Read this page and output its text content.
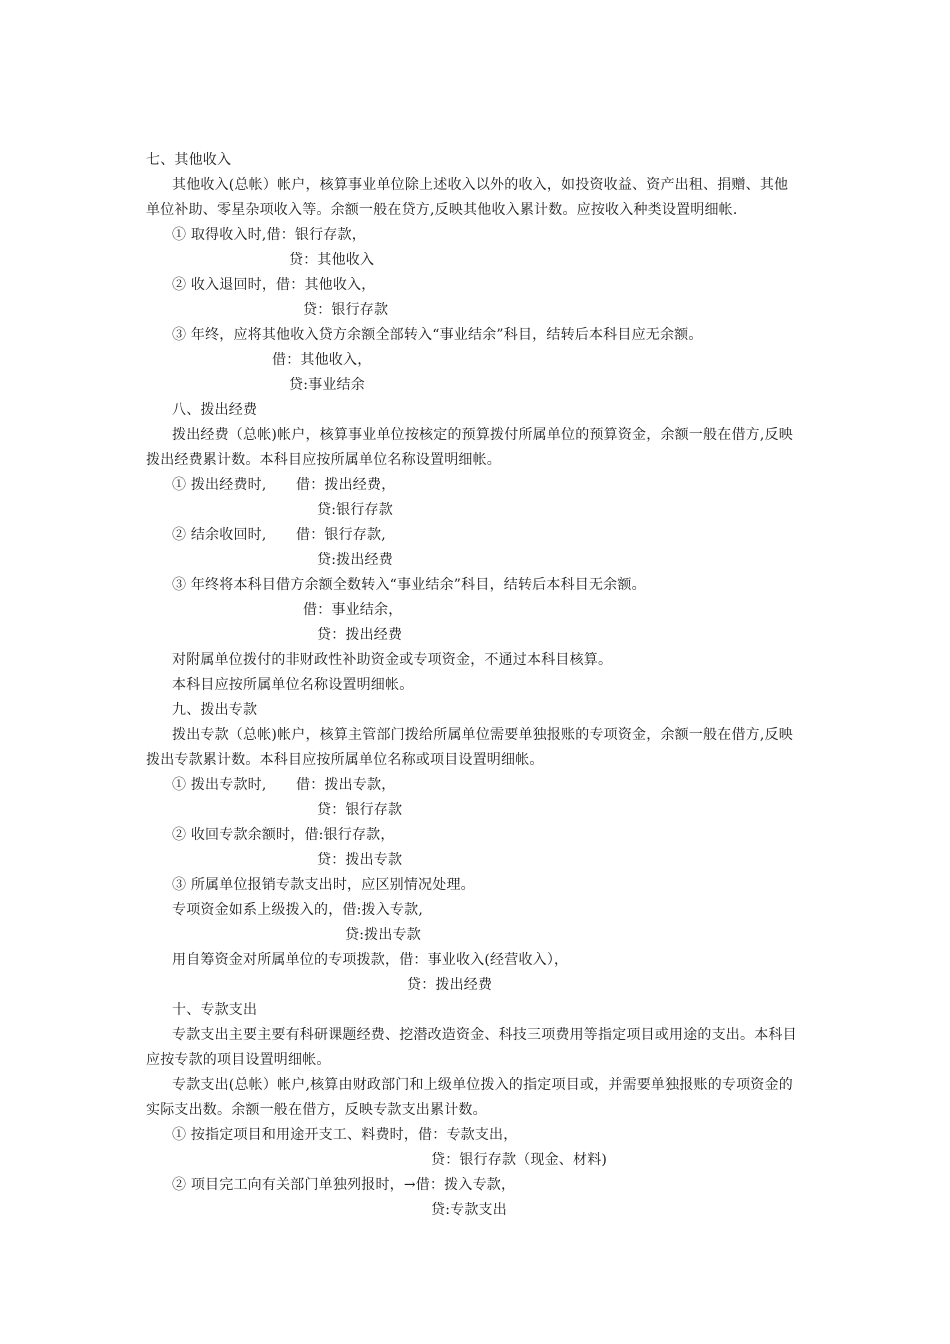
七、其他收入
其他收入(总帐）帐户，核算事业单位除上述收入以外的收入，如投资收益、资产出租、捐赠、其他
单位补助、零星杂项收入等。余额一般在贷方,反映其他收入累计数。应按收入种类设置明细帐.
① 取得收入时,借：银行存款，
贷：其他收入
② 收入退回时，借：其他收入，
贷：银行存款
③ 年终，应将其他收入贷方余额全部转入“事业结余”科目，结转后本科目应无余额。
借：其他收入，
贷:事业结余
八、拨出经费
拨出经费（总帐)帐户，核算事业单位按核定的预算拨付所属单位的预算资金，余额一般在借方,反映
拨出经费累计数。本科目应按所属单位名称设置明细帐。
① 拨出经费时, 借：拨出经费，
贷:银行存款
② 结余收回时, 借：银行存款,
贷:拨出经费
③ 年终将本科目借方余额全数转入“事业结余”科目，结转后本科目无余额。
借：事业结余，
贷：拨出经费
对附属单位拨付的非财政性补助资金或专项资金，不通过本科目核算。
本科目应按所属单位名称设置明细帐。
九、拨出专款
拨出专款（总帐)帐户，核算主管部门拨给所属单位需要单独报账的专项资金，余额一般在借方,反映
拨出专款累计数。本科目应按所属单位名称或项目设置明细帐。
① 拨出专款时, 借：拨出专款，
贷：银行存款
② 收回专款余额时，借:银行存款，
贷：拨出专款
③ 所属单位报销专款支出时，应区别情况处理。
专项资金如系上级拨入的，借:拨入专款,
贷:拨出专款
用自筹资金对所属单位的专项拨款，借：事业收入(经营收入），
贷：拨出经费
十、专款支出
专款支出主要主要有科研课题经费、挖潜改造资金、科技三项费用等指定项目或用途的支出。本科目
应按专款的项目设置明细帐。
专款支出(总帐）帐户,核算由财政部门和上级单位拨入的指定项目或，并需要单独报账的专项资金的
实际支出数。余额一般在借方，反映专款支出累计数。
① 按指定项目和用途开支工、料费时，借：专款支出，
贷：银行存款（现金、材料)
② 项目完工向有关部门单独列报时，→借：拨入专款，
贷:专款支出
